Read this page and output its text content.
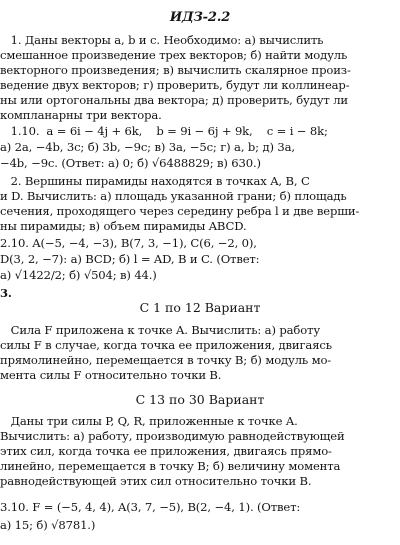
ИДЗ-2.2
1. Даны векторы a, b и c. Необходимо: а) вычислить
смешанное произведение трех векторов; б) найти модуль
векторного произведения; в) вычислить скалярное произ-
ведение двух векторов; г) проверить, будут ли коллинеар-
ны или ортогональны два вектора; д) проверить, будут ли
компланарны три вектора.
1.10.  a = 6i − 4j + 6k,    b = 9i − 6j + 9k,    c = i − 8k;
а) 2a, −4b, 3c; б) 3b, −9c; в) 3a, −5c; г) a, b; д) 3a,
−4b, −9c. (Ответ: а) 0; б) √6488829; в) 630.)
2. Вершины пирамиды находятся в точках A, B, C
и D. Вычислить: а) площадь указанной грани; б) площадь
сечения, проходящего через середину ребра l и две верши-
ны пирамиды; в) объем пирамиды ABCD.
2.10. A(−5, −4, −3), B(7, 3, −1), C(6, −2, 0),
D(3, 2, −7): а) BCD; б) l = AD, B и C. (Ответ:
а) √1422/2; б) √504; в) 44.)
3.
С 1 по 12 Вариант
Сила F приложена к точке A. Вычислить: а) работу
силы F в случае, когда точка ее приложения, двигаясь
прямолинейно, перемещается в точку B; б) модуль мо-
мента силы F относительно точки B.
С 13 по 30 Вариант
Даны три силы P, Q, R, приложенные к точке A.
Вычислить: а) работу, производимую равнодействующей
этих сил, когда точка ее приложения, двигаясь прямо-
линейно, перемещается в точку B; б) величину момента
равнодействующей этих сил относительно точки B.
3.10. F = (−5, 4, 4), A(3, 7, −5), B(2, −4, 1). (Ответ:
а) 15; б) √8781.)
